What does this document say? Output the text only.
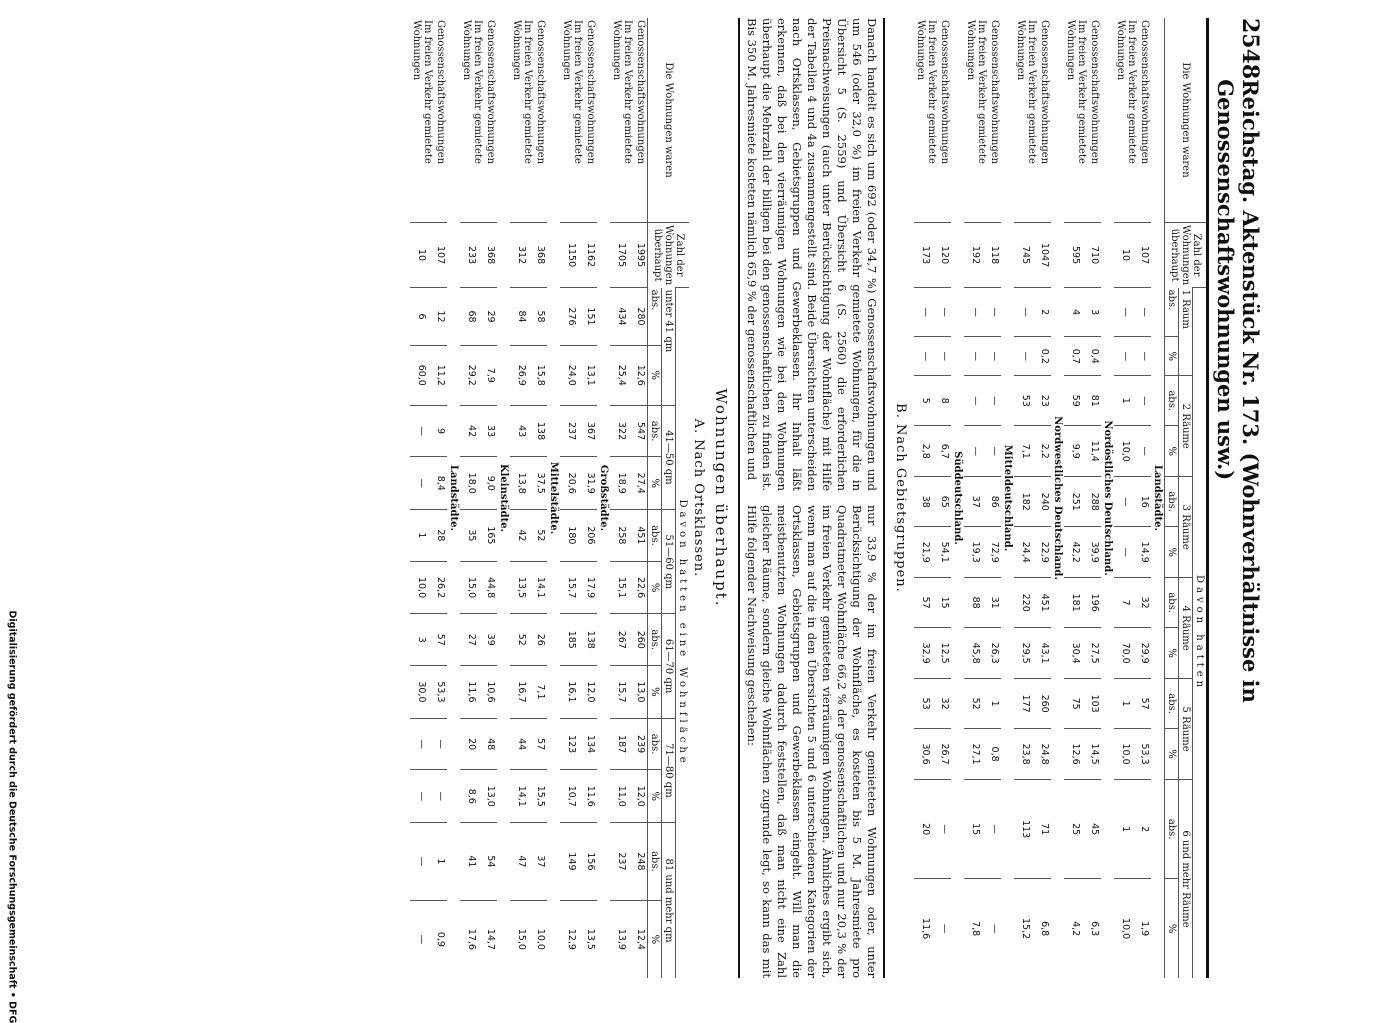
Digitalisierung gefördert durch die Deutsche Forschungsgemeinschaft • DFG
2548
Reichstag. Aktenstück Nr. 173. (Wohnverhältnisse in Genossenschaftswohnungen usw.)
Die Wohnungen waren	Zahl der Wohnungen überhaupt	Davon hatten											
		1 Raum		2 Räume		3 Räume		4 Räume		5 Räume		6 und mehr Räume	
		abs.	%	abs.	%	abs.	%	abs.	%	abs.	%	abs.	%
Landstädte.													
Genossenschaftswohnungen	107	—	—	—	—	16	14,9	32	29,9	57	53,3	2	1,9
Im freien Verkehr gemietete Wohnungen	10	—	—	1	10,0	—	—	7	70,0	1	10,0	1	10,0
Nordöstliches Deutschland.													
Genossenschaftswohnungen	710	3	0,4	81	11,4	288	39,9	196	27,5	103	14,5	45	6,3
Im freien Verkehr gemietete Wohnungen	595	4	0,7	59	9,9	251	42,2	181	30,4	75	12,6	25	4,2
Nordwestliches Deutschland.													
Genossenschaftswohnungen	1047	2	0,2	23	2,2	240	22,9	451	43,1	260	24,8	71	6,8
Im freien Verkehr gemietete Wohnungen	745	—	—	53	7,1	182	24,4	220	29,5	177	23,8	113	15,2
Mitteldeutschland.													
Genossenschaftswohnungen	118	—	—	—	—	86	72,9	31	26,3	1	0,8	—	—
Im freien Verkehr gemietete Wohnungen	192	—	—	—	—	37	19,3	88	45,8	52	27,1	15	7,8
Süddeutschland.													
Genossenschaftswohnungen	120	—	—	8	6,7	65	54,1	15	12,5	32	26,7	—	—
Im freien Verkehr gemietete Wohnungen	173	—	—	5	2,8	38	21,9	57	32,9	53	30,6	20	11,6
B. Nach Gebietsgruppen.

Danach handelt es sich um 692 (oder 34,7 %) Genossenschaftswohnungen und um 546 (oder 32,0 %) im freien Verkehr gemietete Wohnungen, für die in Übersicht 5 (S. 2559) und Übersicht 6 (S. 2560) die erforderlichen Preisnachweisungen (auch unter Berücksichtigung der Wohnfläche) mit Hilfe der Tabellen 4 und 4a zusammengestellt sind. Beide Übersichten unterscheiden nach Ortsklassen, Gebietsgruppen und Gewerbeklassen. Ihr Inhalt läßt erkennen, daß bei den vierräumigen Wohnungen wie bei den Wohnungen überhaupt die Mehrzahl der billigen bei den genossenschaftlichen zu finden ist. Bis 350 M. Jahresmiete kosteten nämlich 65,9 % der genossenschaftlichen und

nur 33,9 % der im freien Verkehr gemieteten Wohnungen oder, unter Berücksichtigung der Wohnfläche, es kosteten bis 5 M. Jahresmiete pro Quadratmeter Wohnfläche 66,2 % der genossenschaftlichen und nur 20,3 % der im freien Verkehr gemieteten vierräumigen Wohnungen. Ähnliches ergibt sich, wenn man auf die in den Übersichten 5 und 6 unterschiedenen Kategorien der Ortsklassen, Gebietsgruppen und Gewerbeklassen eingeht. Will man die meistbenutzten Wohnungen dadurch feststellen, daß man nicht eine Zahl gleicher Räume, sondern gleiche Wohnflächen zugrunde legt, so kann das mit Hilfe folgender Nachweisung geschehen:

Wohnungen überhaupt.
A. Nach Ortsklassen.
Die Wohnungen waren	Zahl der Wohnungen überhaupt	Davon hatten eine Wohnfläche											
		unter 41 qm		41—50 qm		51—60 qm		61—70 qm		71—80 qm		81 und mehr qm	
		abs.	%	abs.	%	abs.	%	abs.	%	abs.	%	abs.	%
Genossenschaftswohnungen	1995	280	12,6	547	27,4	451	22,6	260	13,0	239	12,0	248	12,4
Im freien Verkehr gemietete Wohnungen	1705	434	25,4	322	18,9	258	15,1	267	15,7	187	11,0	237	13,9
Großstädte.													
Genossenschaftswohnungen	1162	151	13,1	367	31,9	206	17,9	138	12,0	134	11,6	156	13,5
Im freien Verkehr gemietete Wohnungen	1150	276	24,0	237	20,6	180	15,7	185	16,1	123	10,7	149	12,9
Mittelstädte.													
Genossenschaftswohnungen	368	58	15,8	138	37,5	52	14,1	26	7,1	57	15,5	37	10,0
Im freien Verkehr gemietete Wohnungen	312	84	26,9	43	13,8	42	13,5	52	16,7	44	14,1	47	15,0
Kleinstädte.													
Genossenschaftswohnungen	368	29	7,9	33	9,0	165	44,8	39	10,6	48	13,0	54	14,7
Im freien Verkehr gemietete Wohnungen	233	68	29,2	42	18,0	35	15,0	27	11,6	20	8,6	41	17,6
Landstädte.													
Genossenschaftswohnungen	107	12	11,2	9	8,4	28	26,2	57	53,3	—	—	1	0,9
Im freien Verkehr gemietete Wohnungen	10	6	60,0	—	—	1	10,0	3	30,0	—	—	—	—
